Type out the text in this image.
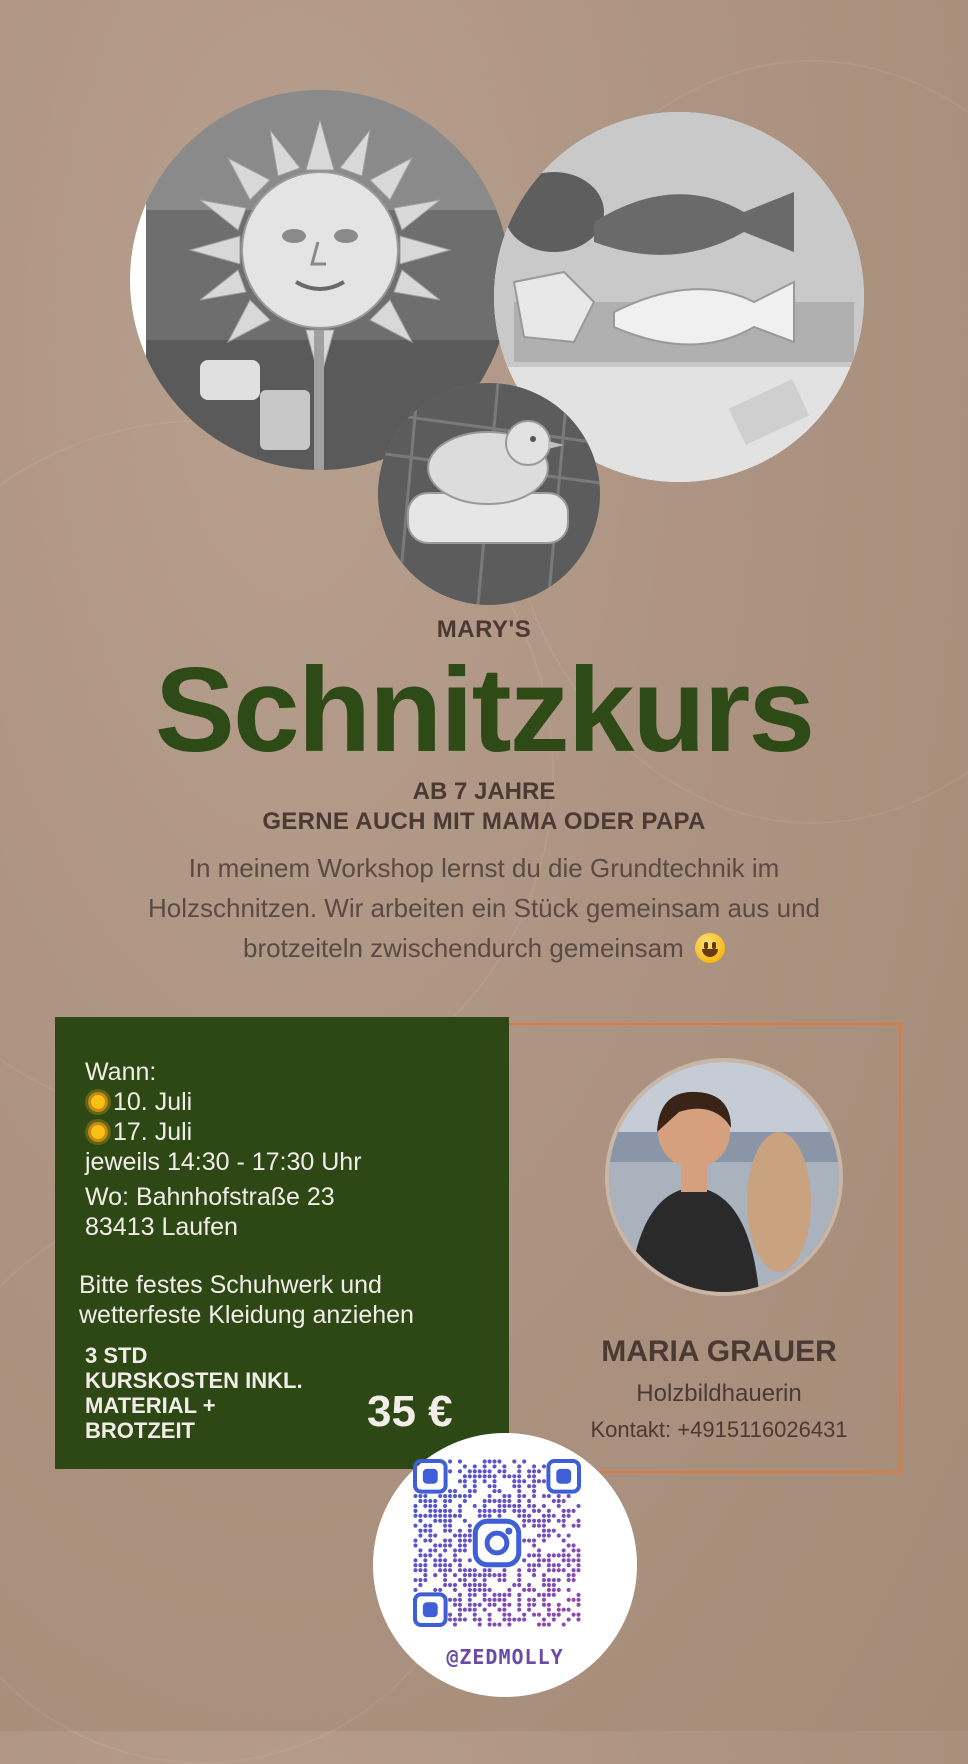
MARY'S
Schnitzkurs
AB 7 JAHRE
GERNE AUCH MIT MAMA ODER PAPA
In meinem Workshop lernst du die Grundtechnik im
Holzschnitzen. Wir arbeiten ein Stück gemeinsam aus und
brotzeiteln zwischendurch gemeinsam
Wann:
10. Juli
17. Juli
jeweils 14:30 - 17:30 Uhr
Wo: Bahnhofstraße 23
83413 Laufen
Bitte festes Schuhwerk und
wetterfeste Kleidung anziehen
3 STD
KURSKOSTEN INKL.
MATERIAL +
BROTZEIT	35 €
MARIA GRAUER
Holzbildhauerin
Kontakt: +4915116026431
@ZEDMOLLY
